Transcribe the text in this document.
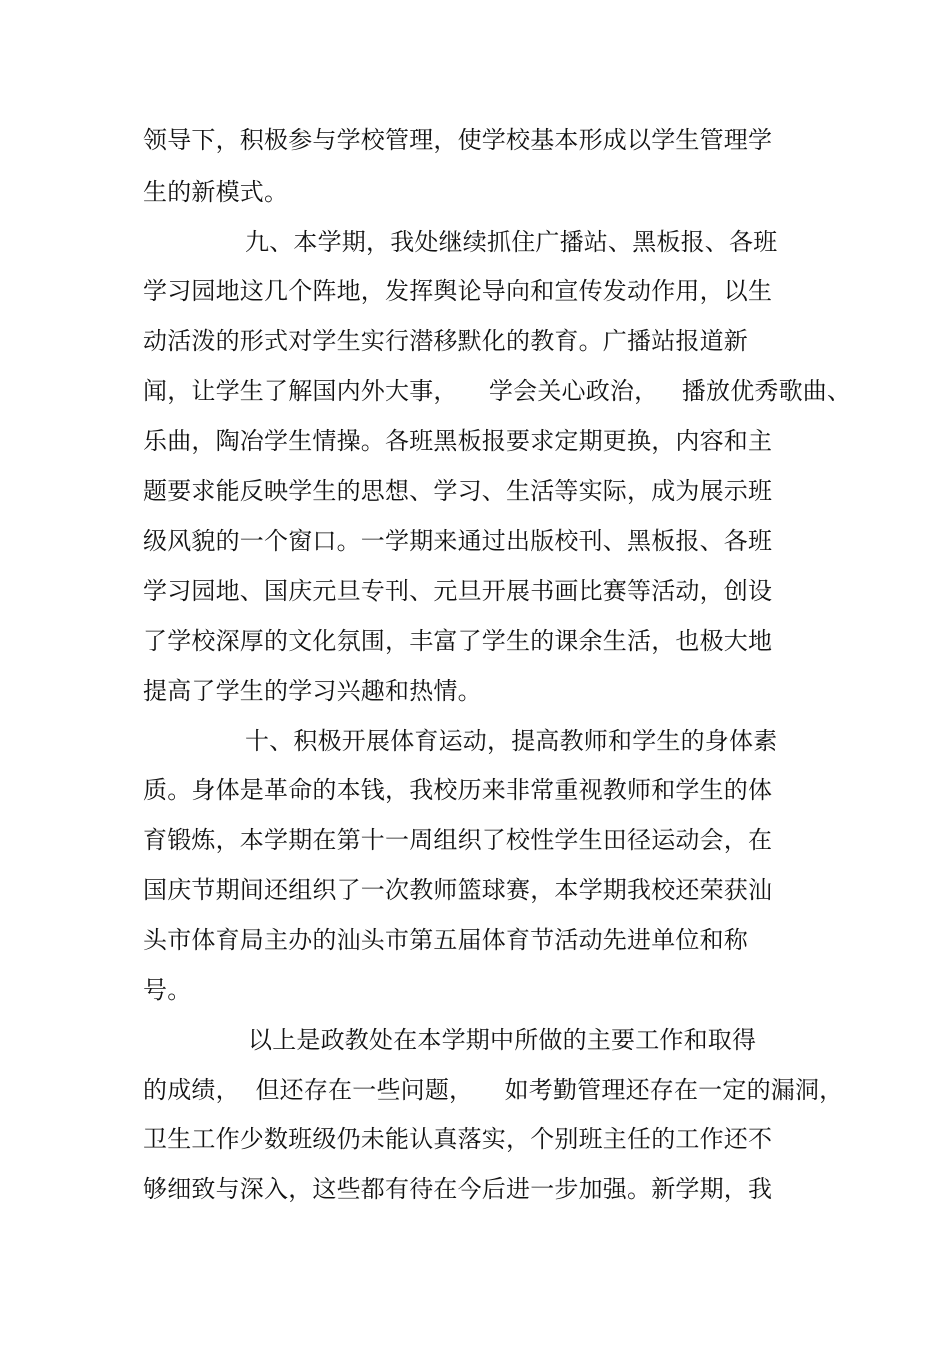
领导下，积极参与学校管理，使学校基本形成以学生管理学
生的新模式。
九、本学期，我处继续抓住广播站、黑板报、各班
学习园地这几个阵地，发挥舆论导向和宣传发动作用，以生
动活泼的形式对学生实行潜移默化的教育。广播站报道新
闻，让学生了解国内外大事，    学会关心政治，   播放优秀歌曲、
乐曲，陶冶学生情操。各班黑板报要求定期更换，内容和主
题要求能反映学生的思想、学习、生活等实际，成为展示班
级风貌的一个窗口。一学期来通过出版校刊、黑板报、各班
学习园地、国庆元旦专刊、元旦开展书画比赛等活动，创设
了学校深厚的文化氛围，丰富了学生的课余生活，也极大地
提高了学生的学习兴趣和热情。
十、积极开展体育运动，提高教师和学生的身体素
质。身体是革命的本钱，我校历来非常重视教师和学生的体
育锻炼，本学期在第十一周组织了校性学生田径运动会，在
国庆节期间还组织了一次教师篮球赛，本学期我校还荣获汕
头市体育局主办的汕头市第五届体育节活动先进单位和称
号。
以上是政教处在本学期中所做的主要工作和取得
的成绩，  但还存在一些问题，    如考勤管理还存在一定的漏洞，
卫生工作少数班级仍未能认真落实，个别班主任的工作还不
够细致与深入，这些都有待在今后进一步加强。新学期，我
